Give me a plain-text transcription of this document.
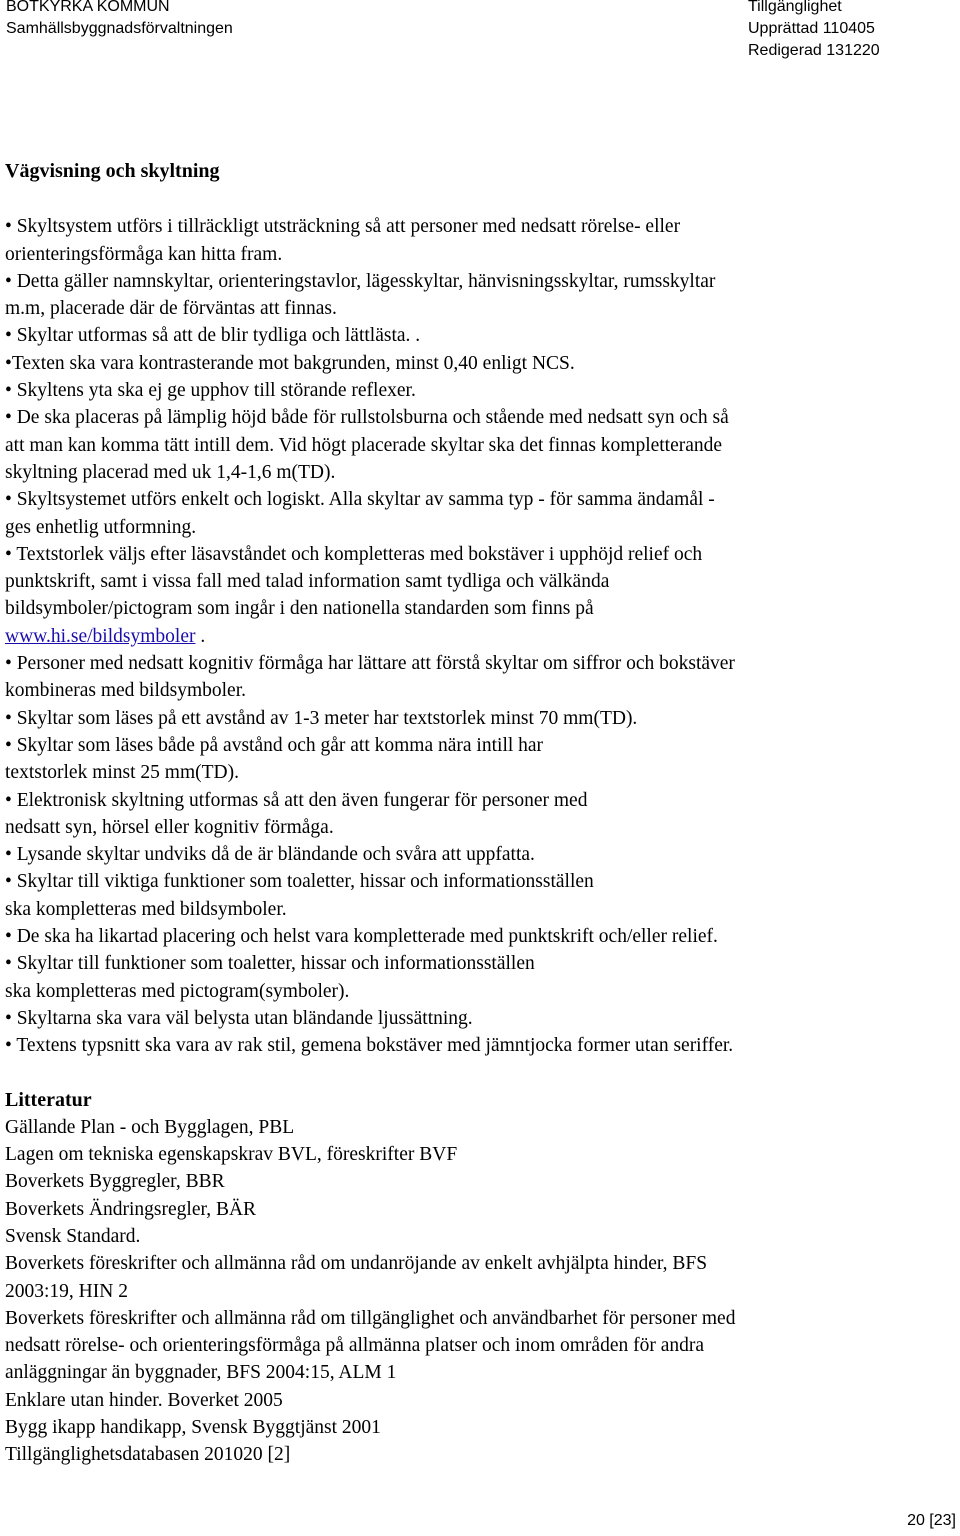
BOTKYRKA KOMMUN
Samhällsbyggnadsförvaltningen
Tillgänglighet
Upprättad 110405
Redigerad 131220
Vägvisning och skyltning
• Skyltsystem utförs i tillräckligt utsträckning så att personer med nedsatt rörelse- eller
orienteringsförmåga kan hitta fram.
• Detta gäller namnskyltar, orienteringstavlor, lägesskyltar, hänvisningsskyltar, rumsskyltar
m.m, placerade där de förväntas att finnas.
• Skyltar utformas så att de blir tydliga och lättlästa. .
•Texten ska vara kontrasterande mot bakgrunden, minst 0,40 enligt NCS.
• Skyltens yta ska ej ge upphov till störande reflexer.
• De ska placeras på lämplig höjd både för rullstolsburna och stående med nedsatt syn och så
att man kan komma tätt intill dem. Vid högt placerade skyltar ska det finnas kompletterande
skyltning placerad med uk 1,4-1,6 m(TD).
• Skyltsystemet utförs enkelt och logiskt. Alla skyltar av samma typ - för samma ändamål -
ges enhetlig utformning.
• Textstorlek väljs efter läsavståndet och kompletteras med bokstäver i upphöjd relief och
punktskrift, samt i vissa fall med talad information samt tydliga och välkända
bildsymboler/pictogram som ingår i den nationella standarden som finns på
www.hi.se/bildsymboler .
• Personer med nedsatt kognitiv förmåga har lättare att förstå skyltar om siffror och bokstäver
kombineras med bildsymboler.
• Skyltar som läses på ett avstånd av 1-3 meter har textstorlek minst 70 mm(TD).
• Skyltar som läses både på avstånd och går att komma nära intill har
textstorlek minst 25 mm(TD).
• Elektronisk skyltning utformas så att den även fungerar för personer med
nedsatt syn, hörsel eller kognitiv förmåga.
• Lysande skyltar undviks då de är bländande och svåra att uppfatta.
• Skyltar till viktiga funktioner som toaletter, hissar och informationsställen
ska kompletteras med bildsymboler.
• De ska ha likartad placering och helst vara kompletterade med punktskrift och/eller relief.
• Skyltar till funktioner som toaletter, hissar och informationsställen
ska kompletteras med pictogram(symboler).
• Skyltarna ska vara väl belysta utan bländande ljussättning.
• Textens typsnitt ska vara av rak stil, gemena bokstäver med jämntjocka former utan seriffer.
Litteratur
Gällande Plan - och Bygglagen, PBL
Lagen om tekniska egenskapskrav BVL, föreskrifter BVF
Boverkets Byggregler, BBR
Boverkets Ändringsregler, BÄR
Svensk Standard.
Boverkets föreskrifter och allmänna råd om undanröjande av enkelt avhjälpta hinder, BFS
2003:19, HIN 2
Boverkets föreskrifter och allmänna råd om tillgänglighet och användbarhet för personer med
nedsatt rörelse- och orienteringsförmåga på allmänna platser och inom områden för andra
anläggningar än byggnader, BFS 2004:15, ALM 1
Enklare utan hinder. Boverket 2005
Bygg ikapp handikapp, Svensk Byggtjänst 2001
Tillgänglighetsdatabasen 201020 [2]
20 [23]
